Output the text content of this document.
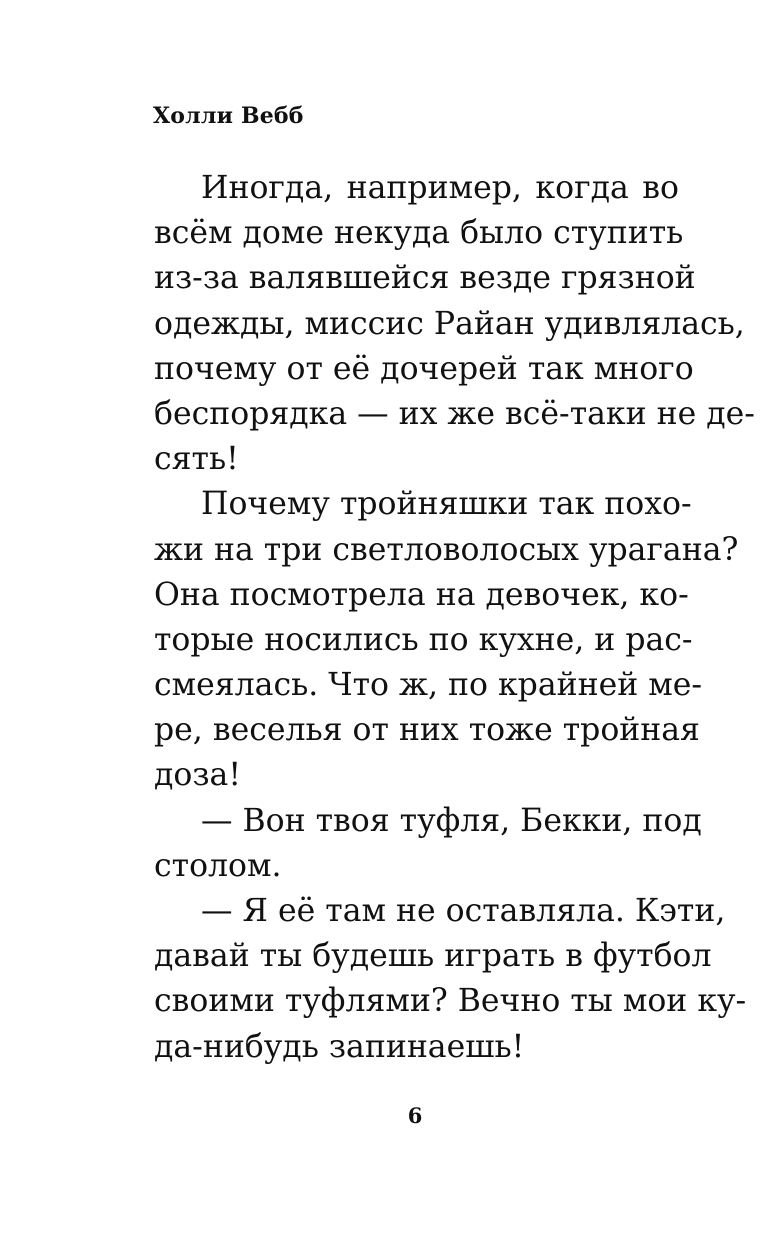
Холли Вебб
Иногда, например, когда во
всём доме некуда было ступить
из-за валявшейся везде грязной
одежды, миссис Райан удивлялась,
почему от её дочерей так много
беспорядка — их же всё-таки не де-
сять!
Почему тройняшки так похо-
жи на три светловолосых урагана?
Она посмотрела на девочек, ко-
торые носились по кухне, и рас-
смеялась. Что ж, по крайней ме-
ре, веселья от них тоже тройная
доза!
— Вон твоя туфля, Бекки, под
столом.
— Я её там не оставляла. Кэти,
давай ты будешь играть в футбол
своими туфлями? Вечно ты мои ку-
да-нибудь запинаешь!
6
